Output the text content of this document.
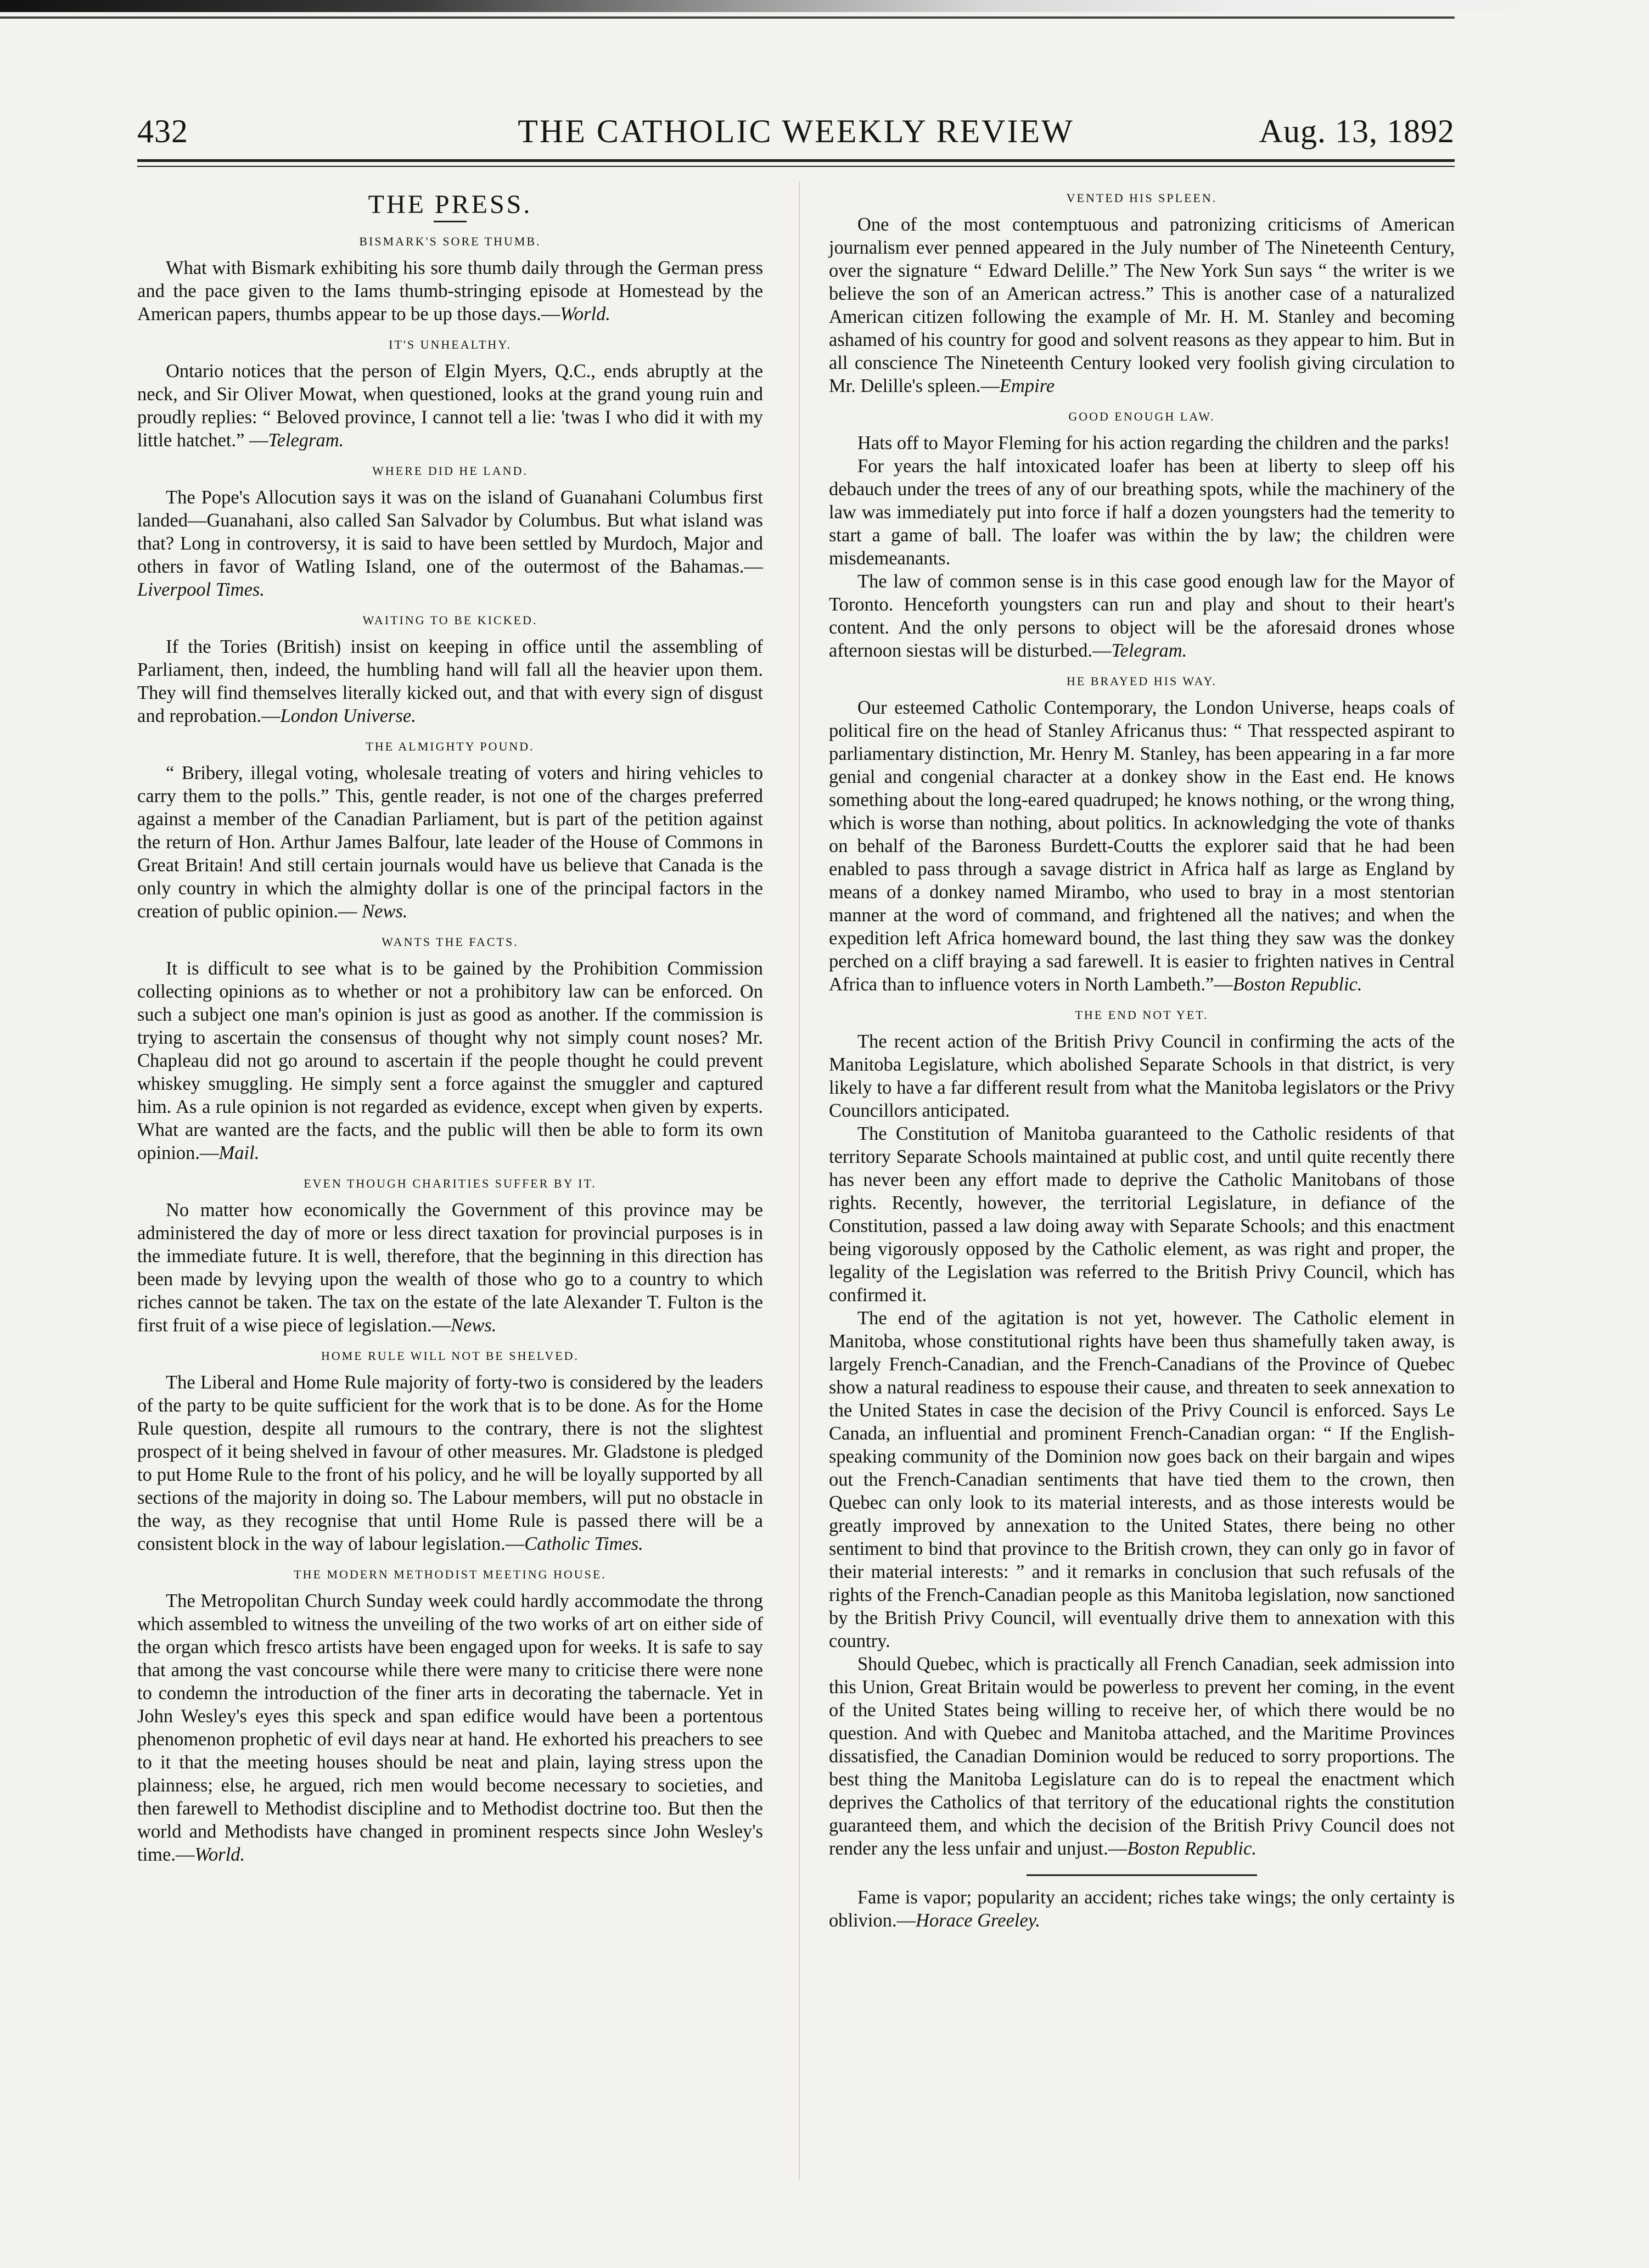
432	THE CATHOLIC WEEKLY REVIEW	Aug. 13, 1892
THE PRESS.
BISMARK'S SORE THUMB.

What with Bismark exhibiting his sore thumb daily through the German press and the pace given to the Iams thumb-stringing episode at Homestead by the American papers, thumbs appear to be up those days.—World.

IT'S UNHEALTHY.

Ontario notices that the person of Elgin Myers, Q.C., ends abruptly at the neck, and Sir Oliver Mowat, when questioned, looks at the grand young ruin and proudly replies: “ Beloved province, I cannot tell a lie: 'twas I who did it with my little hatchet.” —Telegram.

WHERE DID HE LAND.

The Pope's Allocution says it was on the island of Guanahani Columbus first landed—Guanahani, also called San Salvador by Columbus. But what island was that? Long in controversy, it is said to have been settled by Murdoch, Major and others in favor of Watling Island, one of the outermost of the Bahamas.—Liverpool Times.

WAITING TO BE KICKED.

If the Tories (British) insist on keeping in office until the assembling of Parliament, then, indeed, the humbling hand will fall all the heavier upon them. They will find themselves literally kicked out, and that with every sign of disgust and reprobation.—London Universe.

THE ALMIGHTY POUND.

“ Bribery, illegal voting, wholesale treating of voters and hiring vehicles to carry them to the polls.” This, gentle reader, is not one of the charges preferred against a member of the Canadian Parliament, but is part of the petition against the return of Hon. Arthur James Balfour, late leader of the House of Commons in Great Britain! And still certain journals would have us believe that Canada is the only country in which the almighty dollar is one of the principal factors in the creation of public opinion.— News.

WANTS THE FACTS.

It is difficult to see what is to be gained by the Prohibition Commission collecting opinions as to whether or not a prohibitory law can be enforced. On such a subject one man's opinion is just as good as another. If the commission is trying to ascertain the consensus of thought why not simply count noses? Mr. Chapleau did not go around to ascertain if the people thought he could prevent whiskey smuggling. He simply sent a force against the smuggler and captured him. As a rule opinion is not regarded as evidence, except when given by experts. What are wanted are the facts, and the public will then be able to form its own opinion.—Mail.

EVEN THOUGH CHARITIES SUFFER BY IT.

No matter how economically the Government of this province may be administered the day of more or less direct taxation for provincial purposes is in the immediate future. It is well, therefore, that the beginning in this direction has been made by levying upon the wealth of those who go to a country to which riches cannot be taken. The tax on the estate of the late Alexander T. Fulton is the first fruit of a wise piece of legislation.—News.

HOME RULE WILL NOT BE SHELVED.

The Liberal and Home Rule majority of forty-two is considered by the leaders of the party to be quite sufficient for the work that is to be done. As for the Home Rule question, despite all rumours to the contrary, there is not the slightest prospect of it being shelved in favour of other measures. Mr. Gladstone is pledged to put Home Rule to the front of his policy, and he will be loyally supported by all sections of the majority in doing so. The Labour members, will put no obstacle in the way, as they recognise that until Home Rule is passed there will be a consistent block in the way of labour legislation.—Catholic Times.

THE MODERN METHODIST MEETING HOUSE.

The Metropolitan Church Sunday week could hardly accommodate the throng which assembled to witness the unveiling of the two works of art on either side of the organ which fresco artists have been engaged upon for weeks. It is safe to say that among the vast concourse while there were many to criticise there were none to condemn the introduction of the finer arts in decorating the tabernacle. Yet in John Wesley's eyes this speck and span edifice would have been a portentous phenomenon prophetic of evil days near at hand. He exhorted his preachers to see to it that the meeting houses should be neat and plain, laying stress upon the plainness; else, he argued, rich men would become necessary to societies, and then farewell to Methodist discipline and to Methodist doctrine too. But then the world and Methodists have changed in prominent respects since John Wesley's time.—World.

VENTED HIS SPLEEN.

One of the most contemptuous and patronizing criticisms of American journalism ever penned appeared in the July number of The Nineteenth Century, over the signature “ Edward Delille.” The New York Sun says “ the writer is we believe the son of an American actress.” This is another case of a naturalized American citizen following the example of Mr. H. M. Stanley and becoming ashamed of his country for good and solvent reasons as they appear to him. But in all conscience The Nineteenth Century looked very foolish giving circulation to Mr. Delille's spleen.—Empire

GOOD ENOUGH LAW.

Hats off to Mayor Fleming for his action regarding the children and the parks!

For years the half intoxicated loafer has been at liberty to sleep off his debauch under the trees of any of our breathing spots, while the machinery of the law was immediately put into force if half a dozen youngsters had the temerity to start a game of ball. The loafer was within the by law; the children were misdemeanants.

The law of common sense is in this case good enough law for the Mayor of Toronto. Henceforth youngsters can run and play and shout to their heart's content. And the only persons to object will be the aforesaid drones whose afternoon siestas will be disturbed.—Telegram.

HE BRAYED HIS WAY.

Our esteemed Catholic Contemporary, the London Universe, heaps coals of political fire on the head of Stanley Africanus thus: “ That resspected aspirant to parliamentary distinction, Mr. Henry M. Stanley, has been appearing in a far more genial and congenial character at a donkey show in the East end. He knows something about the long-eared quadruped; he knows nothing, or the wrong thing, which is worse than nothing, about politics. In acknowledging the vote of thanks on behalf of the Baroness Burdett-Coutts the explorer said that he had been enabled to pass through a savage district in Africa half as large as England by means of a donkey named Mirambo, who used to bray in a most stentorian manner at the word of command, and frightened all the natives; and when the expedition left Africa homeward bound, the last thing they saw was the donkey perched on a cliff braying a sad farewell. It is easier to frighten natives in Central Africa than to influence voters in North Lambeth.”—Boston Republic.

THE END NOT YET.

The recent action of the British Privy Council in confirming the acts of the Manitoba Legislature, which abolished Separate Schools in that district, is very likely to have a far different result from what the Manitoba legislators or the Privy Councillors anticipated.

The Constitution of Manitoba guaranteed to the Catholic residents of that territory Separate Schools maintained at public cost, and until quite recently there has never been any effort made to deprive the Catholic Manitobans of those rights. Recently, however, the territorial Legislature, in defiance of the Constitution, passed a law doing away with Separate Schools; and this enactment being vigorously opposed by the Catholic element, as was right and proper, the legality of the Legislation was referred to the British Privy Council, which has confirmed it.

The end of the agitation is not yet, however. The Catholic element in Manitoba, whose constitutional rights have been thus shamefully taken away, is largely French-Canadian, and the French-Canadians of the Province of Quebec show a natural readiness to espouse their cause, and threaten to seek annexation to the United States in case the decision of the Privy Council is enforced. Says Le Canada, an influential and prominent French-Canadian organ: “ If the English-speaking community of the Dominion now goes back on their bargain and wipes out the French-Canadian sentiments that have tied them to the crown, then Quebec can only look to its material interests, and as those interests would be greatly improved by annexation to the United States, there being no other sentiment to bind that province to the British crown, they can only go in favor of their material interests: ” and it remarks in conclusion that such refusals of the rights of the French-Canadian people as this Manitoba legislation, now sanctioned by the British Privy Council, will eventually drive them to annexation with this country.

Should Quebec, which is practically all French Canadian, seek admission into this Union, Great Britain would be powerless to prevent her coming, in the event of the United States being willing to receive her, of which there would be no question. And with Quebec and Manitoba attached, and the Maritime Provinces dissatisfied, the Canadian Dominion would be reduced to sorry proportions. The best thing the Manitoba Legislature can do is to repeal the enactment which deprives the Catholics of that territory of the educational rights the constitution guaranteed them, and which the decision of the British Privy Council does not render any the less unfair and unjust.—Boston Republic.

Fame is vapor; popularity an accident; riches take wings; the only certainty is oblivion.—Horace Greeley.
